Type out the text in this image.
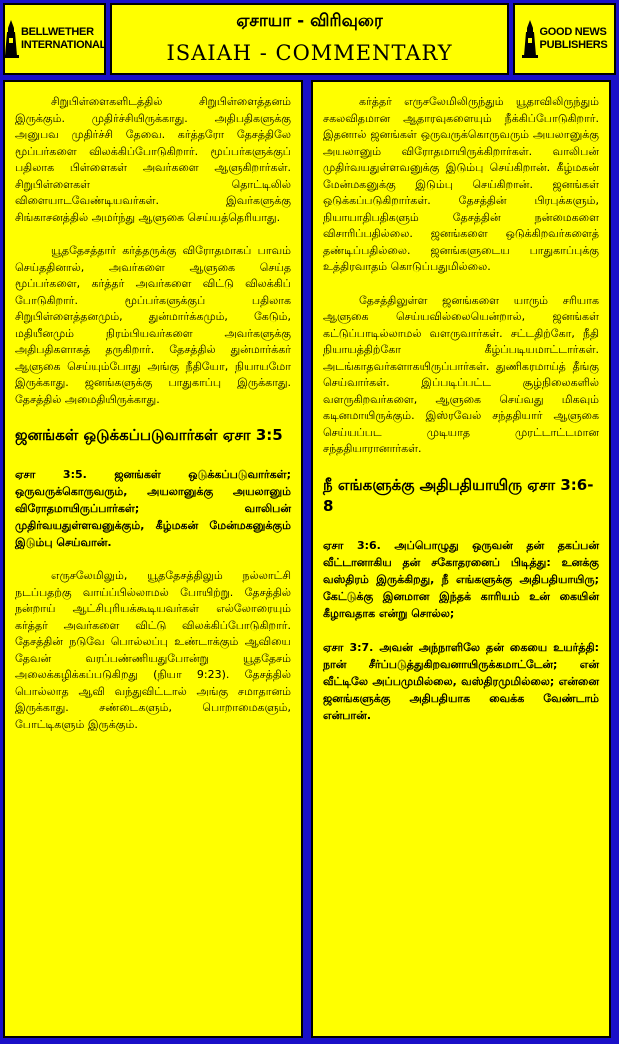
BELLWETHER
INTERNATIONAL
ஏசாயா - விரிவுரை
ISAIAH - COMMENTARY
GOOD NEWS
PUBLISHERS

சிறுபிள்ளைகளிடத்தில் சிறுபிள்ளைத்தனம் இருக்கும். முதிர்ச்சியிருக்காது. அதிபதிகளுக்கு அனுபவ முதிர்ச்சி தேவை. கர்த்தரோ தேசத்திலே மூப்பர்களை விலக்கிப்போடுகிறார். மூப்பர்களுக்குப் பதிலாக பிள்ளைகள் அவர்களை ஆளுகிறார்கள். சிறுபிள்ளைகள் தொட்டிலில் விளையாடவேண்டியவர்கள். இவர்களுக்கு சிங்காசனத்தில் அமர்ந்து ஆளுகை செய்யத்தெரியாது.

யூததேசத்தார் கர்த்தருக்கு விரோதமாகப் பாவம் செய்ததினால், அவர்களை ஆளுகை செய்த மூப்பர்களை, கர்த்தர் அவர்களை விட்டு விலக்கிப் போடுகிறார். மூப்பர்களுக்குப் பதிலாக சிறுபிள்ளைத்தனமும், துன்மார்க்கமும், கேடும், மதியீனமும் நிரம்பியவர்களை அவர்களுக்கு அதிபதிகளாகத் தருகிறார். தேசத்தில் துன்மார்க்கர் ஆளுகை செய்யும்போது அங்கு நீதியோ, நியாயமோ இருக்காது. ஜனங்களுக்கு பாதுகாப்பு இருக்காது. தேசத்தில் அமைதியிருக்காது.

ஜனங்கள் ஒடுக்கப்படுவார்கள் ஏசா 3:5

ஏசா 3:5. ஜனங்கள் ஒடுக்கப்படுவார்கள்; ஒருவருக்கொருவரும், அயலானுக்கு அயலானும் விரோதமாயிருப்பார்கள்; வாலிபன் முதிர்வயதுள்ளவனுக்கும், கீழ்மகன் மேன்மகனுக்கும் இடும்பு செய்வான்.

எருசலேமிலும், யூததேசத்திலும் நல்லாட்சி நடப்பதற்கு வாய்ப்பில்லாமல் போயிற்று. தேசத்தில் நன்றாய் ஆட்சிபுரியக்கூடியவர்கள் எல்லோரையும் கர்த்தர் அவர்களை விட்டு விலக்கிப்போடுகிறார். தேசத்தின் நடுவே பொல்லப்பு உண்டாக்கும் ஆவியை தேவன் வரப்பண்ணியதுபோன்று யூததேசம் அலைக்கழிக்கப்படுகிறது (நியா 9:23). தேசத்தில் பொல்லாத ஆவி வந்துவிட்டால் அங்கு சமாதானம் இருக்காது. சண்டைகளும், பொறாமைகளும், போட்டிகளும் இருக்கும்.

கர்த்தர் எருசலேமிலிருந்தும் யூதாவிலிருந்தும் சகலவிதமான ஆதாரவுகளையும் நீக்கிப்போடுகிறார். இதனால் ஜனங்கள் ஒருவருக்கொருவரும் அயலானுக்கு அயலானும் விரோதமாயிருக்கிறார்கள். வாலிபன் முதிர்வயதுள்ளவனுக்கு இடும்பு செய்கிறான். கீழ்மகன் மேன்மகனுக்கு இடும்பு செய்கிறான். ஜனங்கள் ஒடுக்கப்படுகிறார்கள். தேசத்தின் பிரபுக்களும், நியாயாதிபதிகளும் தேசத்தின் நன்மைகளை விசாரிப்பதில்லை. ஜனங்களை ஒடுக்கிறவர்களைத் தண்டிப்பதில்லை. ஜனங்களுடைய பாதுகாப்புக்கு உத்திரவாதம் கொடுப்பதுமில்லை.

தேசத்திலுள்ள ஜனங்களை யாரும் சரியாக ஆளுகை செய்யவில்லையென்றால், ஜனங்கள் கட்டுப்பாடில்லாமல் வளருவார்கள். சட்டதிற்கோ, நீதி நியாயத்திற்கோ கீழ்ப்படியமாட்டார்கள். அடங்காதவர்களாகயிருப்பார்கள். துணிகரமாய்த் தீங்கு செய்வார்கள். இப்படிப்பட்ட சூழ்நிலைகளில் வளருகிறவர்களை, ஆளுகை செய்வது மிகவும் கடினமாயிருக்கும். இஸ்ரவேல் சந்ததியார் ஆளுகை செய்யப்பட முடியாத முரட்டாட்டமான சந்ததியாரானார்கள்.

நீ எங்களுக்கு அதிபதியாயிரு ஏசா 3:6-8

ஏசா 3:6. அப்பொழுது ஒருவன் தன் தகப்பன் வீட்டானாகிய தன் சகோதரனைப் பிடித்து: உனக்கு வஸ்திரம் இருக்கிறது, நீ எங்களுக்கு அதிபதியாயிரு; கேட்டுக்கு இனமான இந்தக் காரியம் உன் கையின் கீழாவதாக என்று சொல்ல;

ஏசா 3:7. அவன் அந்நாளிலே தன் கையை உயர்த்தி: நான் சீர்ப்படுத்துகிறவனாயிருக்கமாட்டேன்; என் வீட்டிலே அப்பமுமில்லை, வஸ்திரமுமில்லை; என்னை ஜனங்களுக்கு அதிபதியாக வைக்க வேண்டாம் என்பான்.
